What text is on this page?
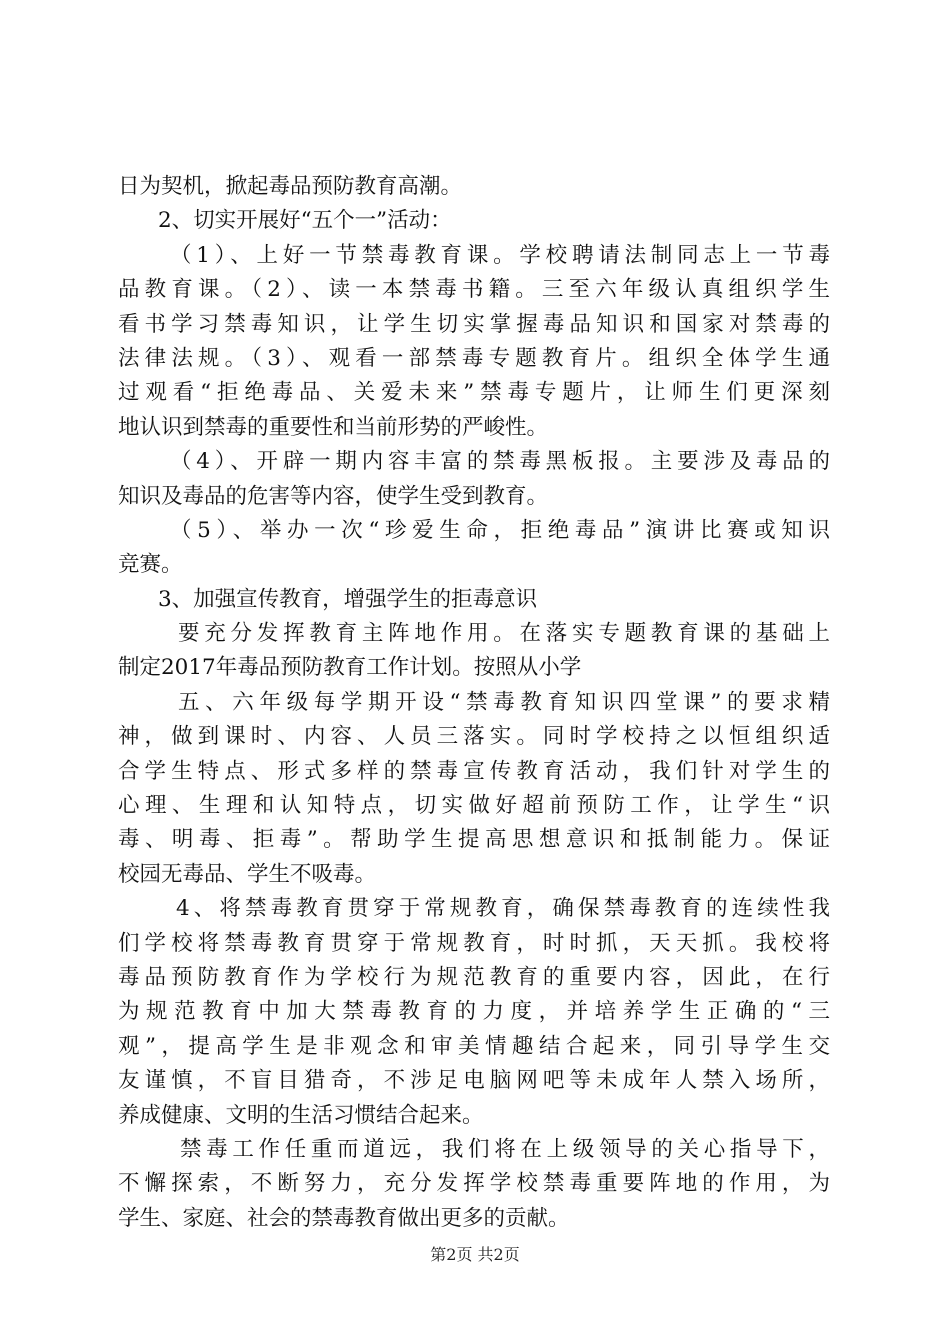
日为契机，掀起毒品预防教育高潮。
2、切实开展好“五个一”活动：
（1）、上好一节禁毒教育课。学校聘请法制同志上一节毒
品教育课。（2）、读一本禁毒书籍。三至六年级认真组织学生
看书学习禁毒知识，让学生切实掌握毒品知识和国家对禁毒的
法律法规。（3）、观看一部禁毒专题教育片。组织全体学生通
过观看“拒绝毒品、关爱未来”禁毒专题片，让师生们更深刻
地认识到禁毒的重要性和当前形势的严峻性。
（4）、开辟一期内容丰富的禁毒黑板报。主要涉及毒品的
知识及毒品的危害等内容，使学生受到教育。
（5）、举办一次“珍爱生命，拒绝毒品”演讲比赛或知识
竞赛。
3、加强宣传教育，增强学生的拒毒意识
要充分发挥教育主阵地作用。在落实专题教育课的基础上
制定2017年毒品预防教育工作计划。按照从小学
五、六年级每学期开设“禁毒教育知识四堂课”的要求精
神，做到课时、内容、人员三落实。同时学校持之以恒组织适
合学生特点、形式多样的禁毒宣传教育活动，我们针对学生的
心理、生理和认知特点，切实做好超前预防工作，让学生“识
毒、明毒、拒毒”。帮助学生提高思想意识和抵制能力。保证
校园无毒品、学生不吸毒。
4、将禁毒教育贯穿于常规教育，确保禁毒教育的连续性我
们学校将禁毒教育贯穿于常规教育，时时抓，天天抓。我校将
毒品预防教育作为学校行为规范教育的重要内容，因此，在行
为规范教育中加大禁毒教育的力度，并培养学生正确的“三
观”，提高学生是非观念和审美情趣结合起来，同引导学生交
友谨慎，不盲目猎奇，不涉足电脑网吧等未成年人禁入场所，
养成健康、文明的生活习惯结合起来。
禁毒工作任重而道远，我们将在上级领导的关心指导下，
不懈探索，不断努力，充分发挥学校禁毒重要阵地的作用，为
学生、家庭、社会的禁毒教育做出更多的贡献。
第2页 共2页
